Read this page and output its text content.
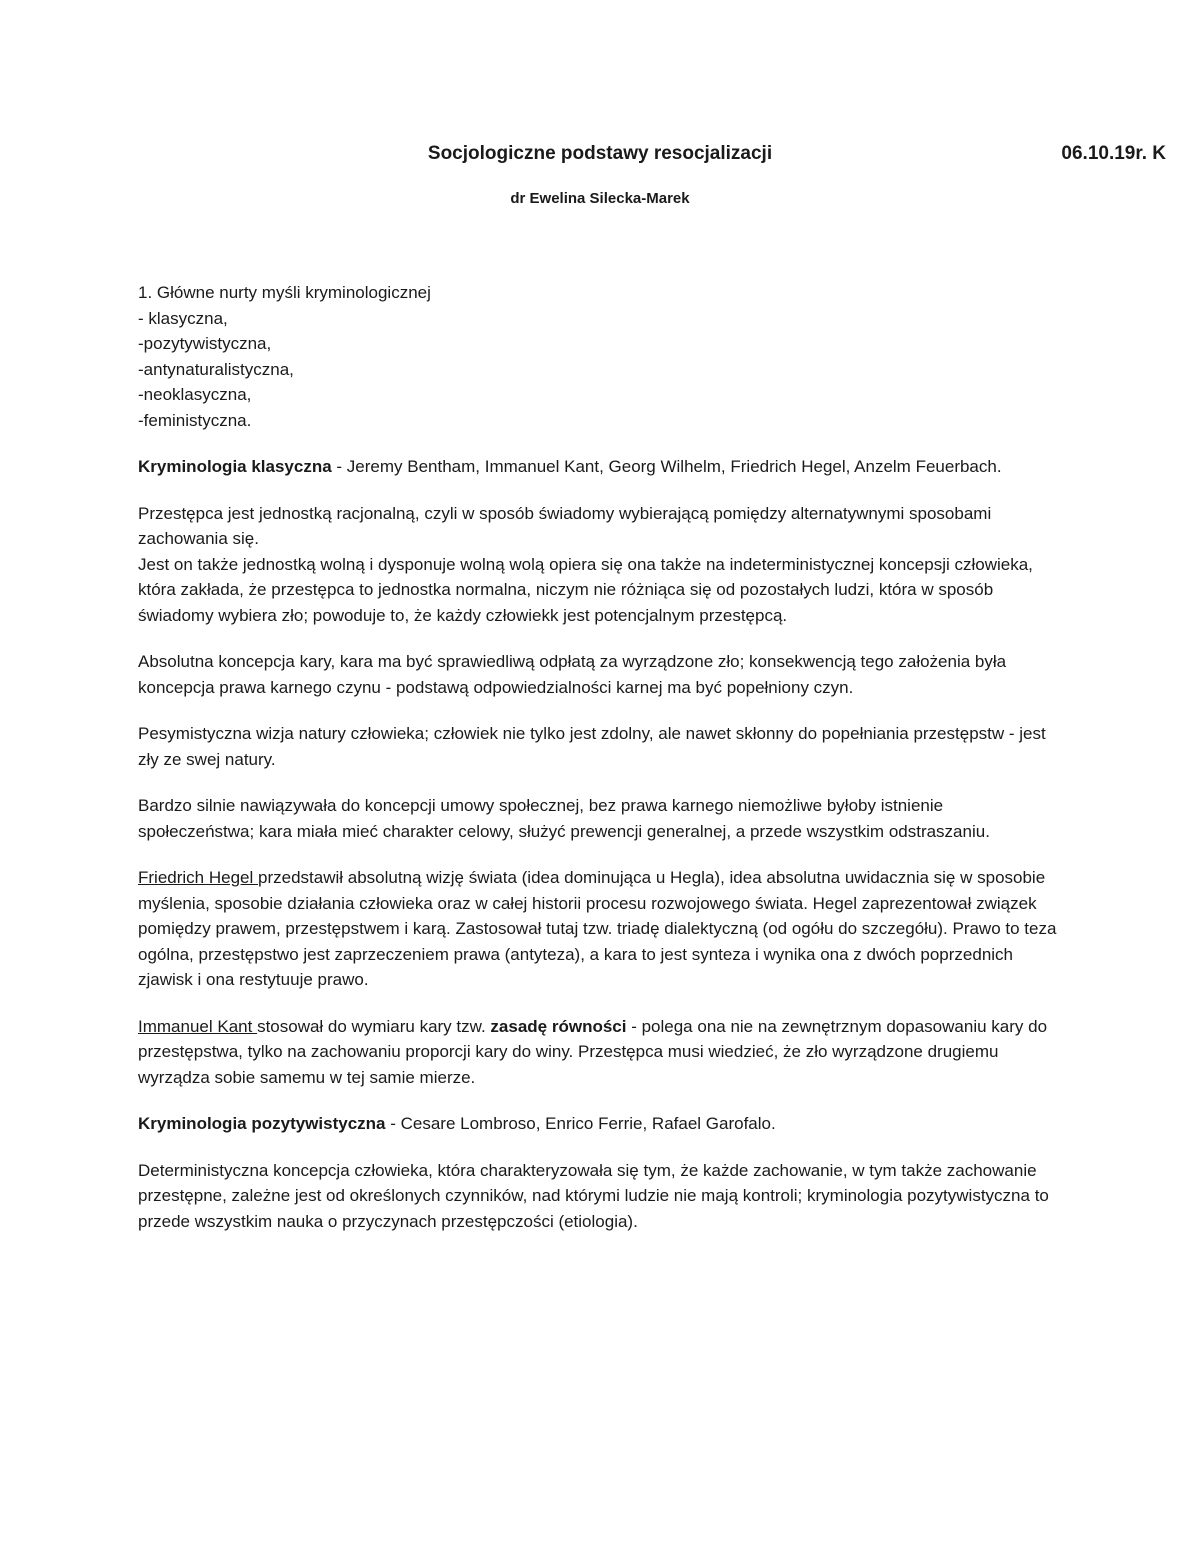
Socjologiczne podstawy resocjalizacji	06.10.19r. K
dr Ewelina Silecka-Marek
1. Główne nurty myśli kryminologicznej
- klasyczna,
-pozytywistyczna,
-antynaturalistyczna,
-neoklasyczna,
-feministyczna.

Kryminologia klasyczna - Jeremy Bentham, Immanuel Kant, Georg Wilhelm, Friedrich Hegel, Anzelm Feuerbach.

Przestępca jest jednostką racjonalną, czyli w sposób świadomy wybierającą pomiędzy alternatywnymi sposobami zachowania się.
Jest on także jednostką wolną i dysponuje wolną wolą opiera się ona także na indeterministycznej koncepsji człowieka, która zakłada, że przestępca to jednostka normalna, niczym nie różniąca się od pozostałych ludzi, która w sposób świadomy wybiera zło; powoduje to, że każdy człowiekk jest potencjalnym przestępcą.

Absolutna koncepcja kary, kara ma być sprawiedliwą odpłatą za wyrządzone zło; konsekwencją tego założenia była koncepcja prawa karnego czynu - podstawą odpowiedzialności karnej ma być popełniony czyn.

Pesymistyczna wizja natury człowieka; człowiek nie tylko jest zdolny, ale nawet skłonny do popełniania przestępstw - jest zły ze swej natury.

Bardzo silnie nawiązywała do koncepcji umowy społecznej, bez prawa karnego niemożliwe byłoby istnienie społeczeństwa; kara miała mieć charakter celowy, służyć prewencji generalnej, a przede wszystkim odstraszaniu.

Friedrich Hegel przedstawił absolutną wizję świata (idea dominująca u Hegla), idea absolutna uwidacznia się w sposobie myślenia, sposobie działania człowieka oraz w całej historii procesu rozwojowego świata. Hegel zaprezentował związek pomiędzy prawem, przestępstwem i karą. Zastosował tutaj tzw. triadę dialektyczną (od ogółu do szczegółu). Prawo to teza ogólna, przestępstwo jest zaprzeczeniem prawa (antyteza), a kara to jest synteza i wynika ona z dwóch poprzednich zjawisk i ona restytuuje prawo.

Immanuel Kant stosował do wymiaru kary tzw. zasadę równości - polega ona nie na zewnętrznym dopasowaniu kary do przestępstwa, tylko na zachowaniu proporcji kary do winy. Przestępca musi wiedzieć, że zło wyrządzone drugiemu wyrządza sobie samemu w tej samie mierze.

Kryminologia pozytywistyczna - Cesare Lombroso, Enrico Ferrie, Rafael Garofalo.

Deterministyczna koncepcja człowieka, która charakteryzowała się tym, że każde zachowanie, w tym także zachowanie przestępne, zależne jest od określonych czynników, nad którymi ludzie nie mają kontroli; kryminologia pozytywistyczna to przede wszystkim nauka o przyczynach przestępczości (etiologia).
